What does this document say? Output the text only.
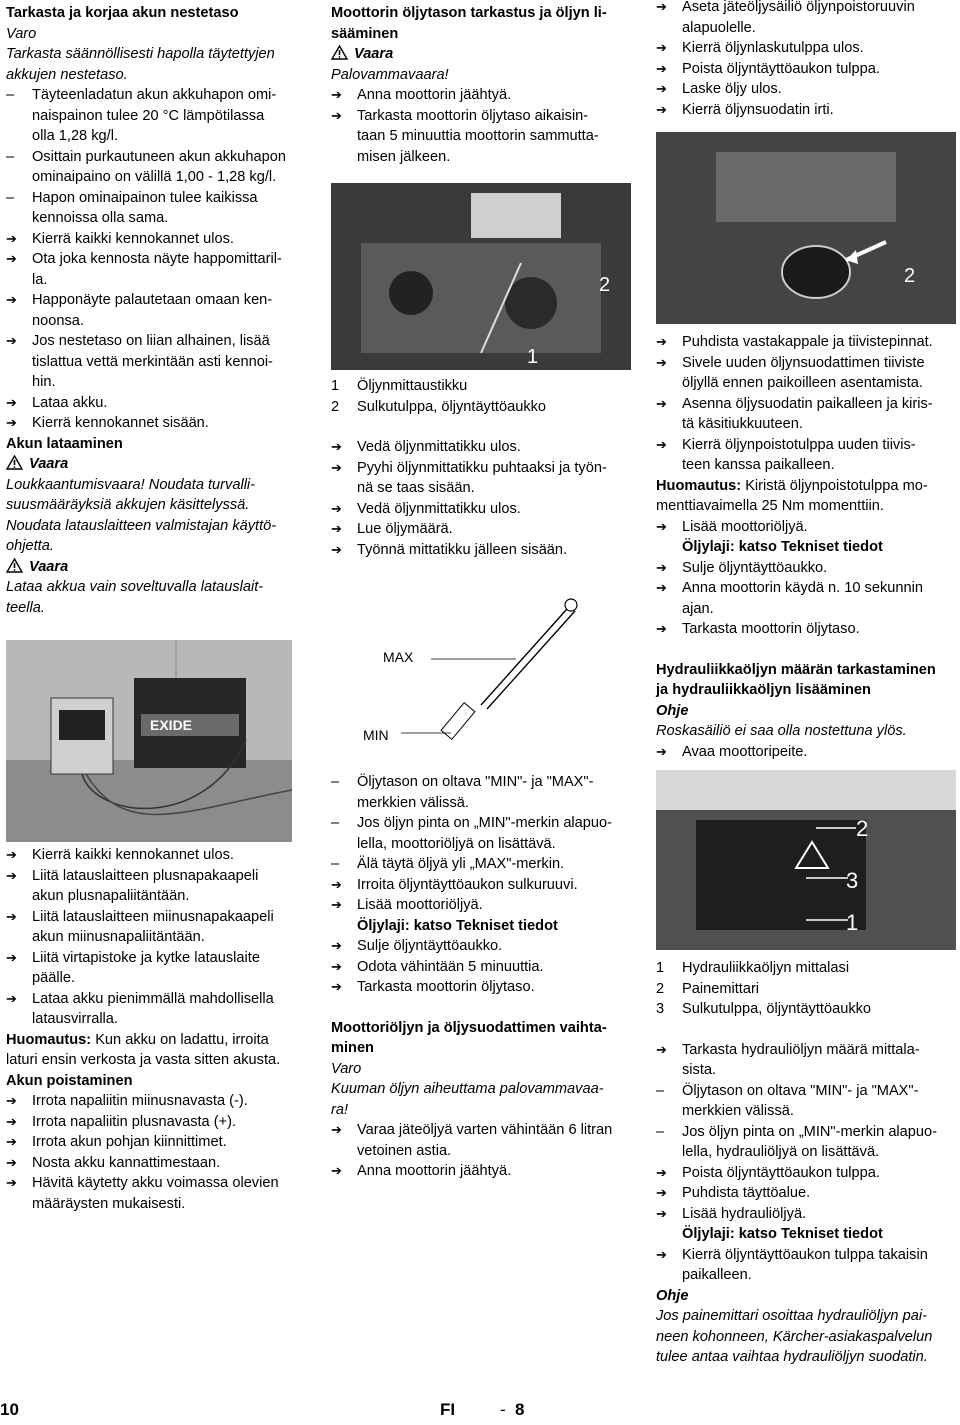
Tarkasta ja korjaa akun nestetaso
Varo
Tarkasta säännöllisesti hapolla täytettyjen
akkujen nestetaso.
–	Täyteenladatun akun akkuhapon omi-
naispainon tulee 20 °C lämpötilassa
olla 1,28 kg/l.
–	Osittain purkautuneen akun akkuhapon
ominaipaino on välillä 1,00 - 1,28 kg/l.
–	Hapon ominaipainon tulee kaikissa
kennoissa olla sama.
➔	Kierrä kaikki kennokannet ulos.
➔	Ota joka kennosta näyte happomittaril-
la.
➔	Happonäyte palautetaan omaan ken-
noonsa.
➔	Jos nestetaso on liian alhainen, lisää
tislattua vettä merkintään asti kennoi-
hin.
➔	Lataa akku.
➔	Kierrä kennokannet sisään.
Akun lataaminen
Vaara
Loukkaantumisvaara! Noudata turvalli-
suusmääräyksiä akkujen käsittelyssä.
Noudata latauslaitteen valmistajan käyttö-
ohjetta.
Vaara
Lataa akkua vain soveltuvalla latauslait-
teella.
EXIDE
➔	Kierrä kaikki kennokannet ulos.
➔	Liitä latauslaitteen plusnapakaapeli
akun plusnapaliitäntään.
➔	Liitä latauslaitteen miinusnapakaapeli
akun miinusnapaliitäntään.
➔	Liitä virtapistoke ja kytke latauslaite
päälle.
➔	Lataa akku pienimmällä mahdollisella
latausvirralla.
Huomautus: Kun akku on ladattu, irroita
laturi ensin verkosta ja vasta sitten akusta.
Akun poistaminen
➔	Irrota napaliitin miinusnavasta (-).
➔	Irrota napaliitin plusnavasta (+).
➔	Irrota akun pohjan kiinnittimet.
➔	Nosta akku kannattimestaan.
➔	Hävitä käytetty akku voimassa olevien
määräysten mukaisesti.
Moottorin öljytason tarkastus ja öljyn li-
sääminen
Vaara
Palovammavaara!
➔	Anna moottorin jäähtyä.
➔	Tarkasta moottorin öljytaso aikaisin-
taan 5 minuuttia moottorin sammutta-
misen jälkeen.
2
1
1 Öljynmittaustikku
2 Sulkutulppa, öljyntäyttöaukko
➔	Vedä öljynmittatikku ulos.
➔	Pyyhi öljynmittatikku puhtaaksi ja työn-
nä se taas sisään.
➔	Vedä öljynmittatikku ulos.
➔	Lue öljymäärä.
➔	Työnnä mittatikku jälleen sisään.
MAX
MIN
–	Öljytason on oltava "MIN"- ja "MAX"-
merkkien välissä.
–	Jos öljyn pinta on „MIN"-merkin alapuo-
lella, moottoriöljyä on lisättävä.
–	Älä täytä öljyä yli „MAX"-merkin.
➔	Irroita öljyntäyttöaukon sulkuruuvi.
➔	Lisää moottoriöljyä.
Öljylaji: katso Tekniset tiedot
➔	Sulje öljyntäyttöaukko.
➔	Odota vähintään 5 minuuttia.
➔	Tarkasta moottorin öljytaso.
Moottoriöljyn ja öljysuodattimen vaihta-
minen
Varo
Kuuman öljyn aiheuttama palovammavaa-
ra!
➔	Varaa jäteöljyä varten vähintään 6 litran
vetoinen astia.
➔	Anna moottorin jäähtyä.
➔	Aseta jäteöljysäiliö öljynpoistoruuvin
alapuolelle.
➔	Kierrä öljynlaskutulppa ulos.
➔	Poista öljyntäyttöaukon tulppa.
➔	Laske öljy ulos.
➔	Kierrä öljynsuodatin irti.
2
➔	Puhdista vastakappale ja tiivistepinnat.
➔	Sivele uuden öljynsuodattimen tiiviste
öljyllä ennen paikoilleen asentamista.
➔	Asenna öljysuodatin paikalleen ja kiris-
tä käsitiukkuuteen.
➔	Kierrä öljynpoistotulppa uuden tiivis-
teen kanssa paikalleen.
Huomautus: Kiristä öljynpoistotulppa mo-
menttiavaimella 25 Nm momenttiin.
➔	Lisää moottoriöljyä.
Öljylaji: katso Tekniset tiedot
➔	Sulje öljyntäyttöaukko.
➔	Anna moottorin käydä n. 10 sekunnin
ajan.
➔	Tarkasta moottorin öljytaso.
Hydrauliikkaöljyn määrän tarkastaminen
ja hydrauliikkaöljyn lisääminen
Ohje
Roskasäiliö ei saa olla nostettuna ylös.
➔	Avaa moottoripeite.
2
3
1
1 Hydrauliikkaöljyn mittalasi
2 Painemittari
3 Sulkutulppa, öljyntäyttöaukko
➔	Tarkasta hydrauliöljyn määrä mittala-
sista.
–	Öljytason on oltava "MIN"- ja "MAX"-
merkkien välissä.
–	Jos öljyn pinta on „MIN"-merkin alapuo-
lella, hydrauliöljyä on lisättävä.
➔	Poista öljyntäyttöaukon tulppa.
➔	Puhdista täyttöalue.
➔	Lisää hydrauliöljyä.
Öljylaji: katso Tekniset tiedot
➔	Kierrä öljyntäyttöaukon tulppa takaisin
paikalleen.
Ohje
Jos painemittari osoittaa hydrauliöljyn pai-
neen kohonneen, Kärcher-asiakaspalvelun
tulee antaa vaihtaa hydrauliöljyn suodatin.
10	FI	- 8
